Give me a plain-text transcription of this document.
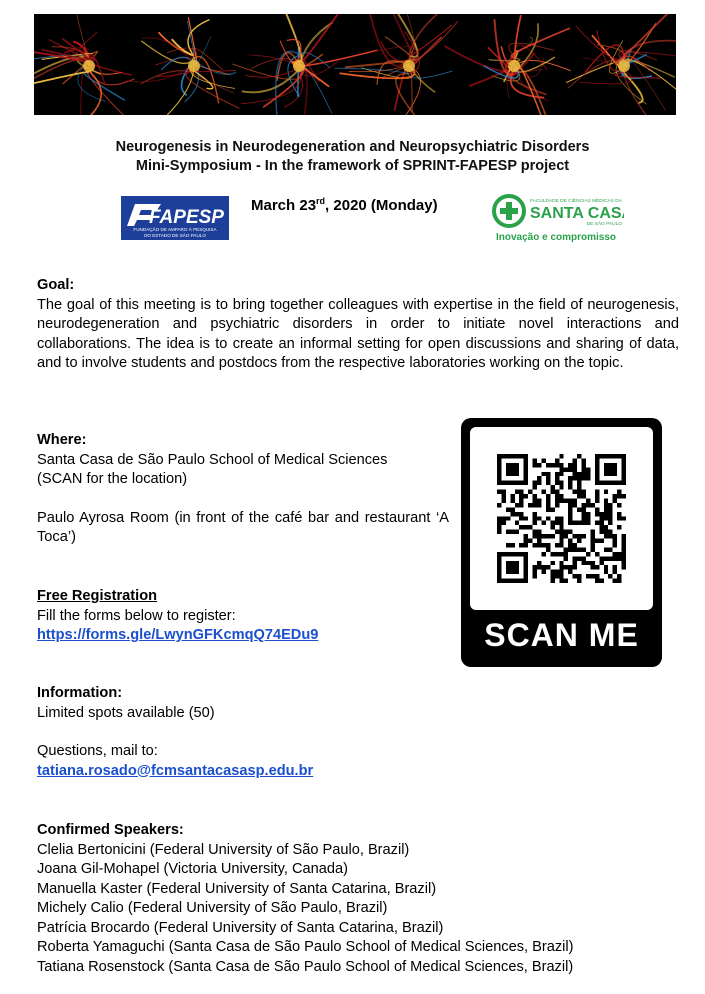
Neurogenesis in Neurodegeneration and Neuropsychiatric Disorders
Mini-Symposium - In the framework of SPRINT-FAPESP project
FAPESP
FUNDAÇÃO DE AMPARO À PESQUISA
DO ESTADO DE SÃO PAULO
March 23rd, 2020 (Monday)	FACULDADE DE CIÊNCIAS MÉDICAS DA
SANTA CASA
DE SÃO PAULO
Inovação e compromisso
Goal:
The goal of this meeting is to bring together colleagues with expertise in the field of neurogenesis, neurodegeneration and psychiatric disorders in order to initiate novel interactions and collaborations. The idea is to create an informal setting for open discussions and sharing of data, and to involve students and postdocs from the respective laboratories working on the topic.
Where:
Santa Casa de São Paulo School of Medical Sciences
(SCAN for the location)
Paulo Ayrosa Room (in front of the café bar and restaurant ‘A Toca’)
Free Registration
Fill the forms below to register:
https://forms.gle/LwynGFKcmqQ74EDu9	SCAN ME
Information:
Limited spots available (50)
Questions, mail to:
tatiana.rosado@fcmsantacasasp.edu.br
Confirmed Speakers:
Clelia Bertonicini (Federal University of São Paulo, Brazil)
Joana Gil-Mohapel (Victoria University, Canada)
Manuella Kaster (Federal University of Santa Catarina, Brazil)
Michely Calio (Federal University of São Paulo, Brazil)
Patrícia Brocardo (Federal University of Santa Catarina, Brazil)
Roberta Yamaguchi (Santa Casa de São Paulo School of Medical Sciences, Brazil)
Tatiana Rosenstock (Santa Casa de São Paulo School of Medical Sciences, Brazil)
